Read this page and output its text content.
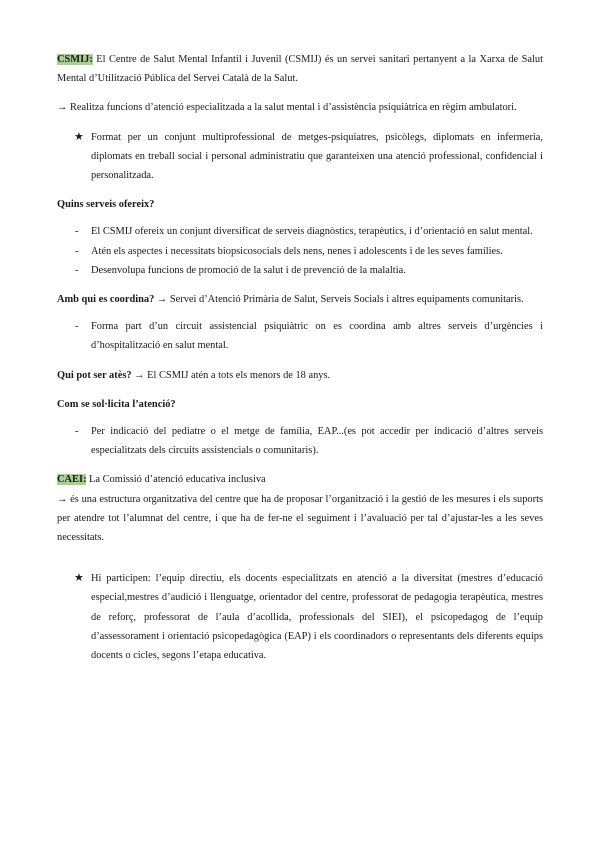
CSMIJ: El Centre de Salut Mental Infantil i Juvenil (CSMIJ) és un servei sanitari pertanyent a la Xarxa de Salut Mental d’Utilització Pública del Servei Català de la Salut.

→ Realitza funcions d’atenció especialitzada a la salut mental i d’assistència psiquiàtrica en règim ambulatori.

★ Format per un conjunt multiprofessional de metges-psiquiatres, psicòlegs, diplomats en infermeria, diplomats en treball social i personal administratiu que garanteixen una atenció professional, confidencial i personalitzada.

Quins serveis ofereix?

- El CSMIJ ofereix un conjunt diversificat de serveis diagnòstics, terapèutics, i d’orientació en salut mental.
- Atén els aspectes i necessitats biopsicosocials dels nens, nenes i adolescents i de les seves famílies.
- Desenvolupa funcions de promoció de la salut i de prevenció de la malaltia.

Amb qui es coordina? → Servei d’Atenció Primària de Salut, Serveis Socials i altres equipaments comunitaris.

- Forma part d’un circuit assistencial psiquiàtric on es coordina amb altres serveis d’urgències i d’hospitalització en salut mental.

Qui pot ser atès? → El CSMIJ atén a tots els menors de 18 anys.

Com se sol·licita l’atenció?

- Per indicació del pediatre o el metge de família, EAP...(es pot accedir per indicació d’altres serveis especialitzats dels circuits assistencials o comunitaris).

CAEI: La Comissió d’atenció educativa inclusiva

→ és una estructura organitzativa del centre que ha de proposar l’organització i la gestió de les mesures i els suports per atendre tot l’alumnat del centre, i que ha de fer-ne el seguiment i l’avaluació per tal d’ajustar-les a les seves necessitats.

★ Hi participen: l’equip directiu, els docents especialitzats en atenció a la diversitat (mestres d’educació especial,mestres d’audició i llenguatge, orientador del centre, professorat de pedagogia terapèutica, mestres de reforç, professorat de l’aula d’acollida, professionals del SIEI), el psicopedagog de l’equip d’assessorament i orientació psicopedagògica (EAP) i els coordinadors o representants dels diferents equips docents o cicles, segons l’etapa educativa.
